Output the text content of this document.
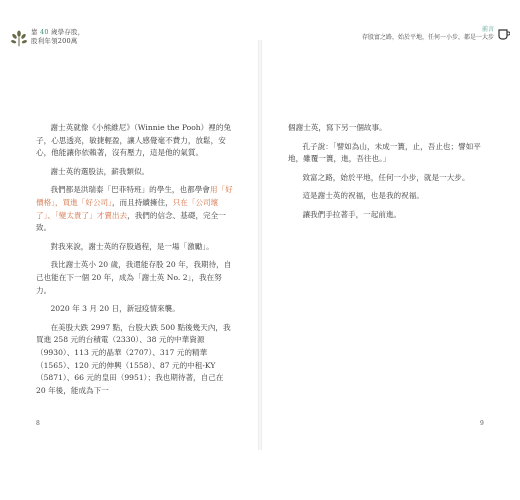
靠 40 歲學存股，
股利年領200萬
前言
存股富之路，始於平地，任何一小步，都是一大步

謝士英就像《小熊維尼》（Winnie the Pooh）裡的兔子，心思透亮，敏捷輕盈，讓人感覺毫不費力，放鬆，安心，他能讓你依賴著，沒有壓力，這是他的氣質。

謝士英的選股法，薪我類似。

我們都是洪瑞泰「巴菲特班」的學生，也都學會用「好價格」，買進「好公司」，而且持續擁住，只在「公司壞了」、「變太貴了」才賣出去，我們的信念、基礎，完全一致。

對我來說，謝士英的存股過程，是一場「激勵」。

我比謝士英小 20 歲，我還能存股 20 年，我期待，自己也能在下一個 20 年，成為「謝士英 No. 2」，我在努力。

2020 年 3 月 20 日，新冠疫情來襲。

在美股大跌 2997 點，台股大跌 500 點後幾天內，我買進 258 元的台積電（2330）、38 元的中華資源（9930）、113 元的晶華（2707）、317 元的精華（1565）、120 元的伸興（1558）、87 元的中租-KY（5871）、66 元的皇田（9951）；我也期待著，自己在 20 年後，能成為下一

8

個謝士英，寫下另一個故事。

孔子說：「譬如為山，未成一簣，止，吾止也；譬如平地，雖覆一簣，進，吾往也。」

致富之路，始於平地，任何一小步，就是一大步。

這是謝士英的祝福，也是我的祝福。

讓我們手拉著手，一起前進。

9
